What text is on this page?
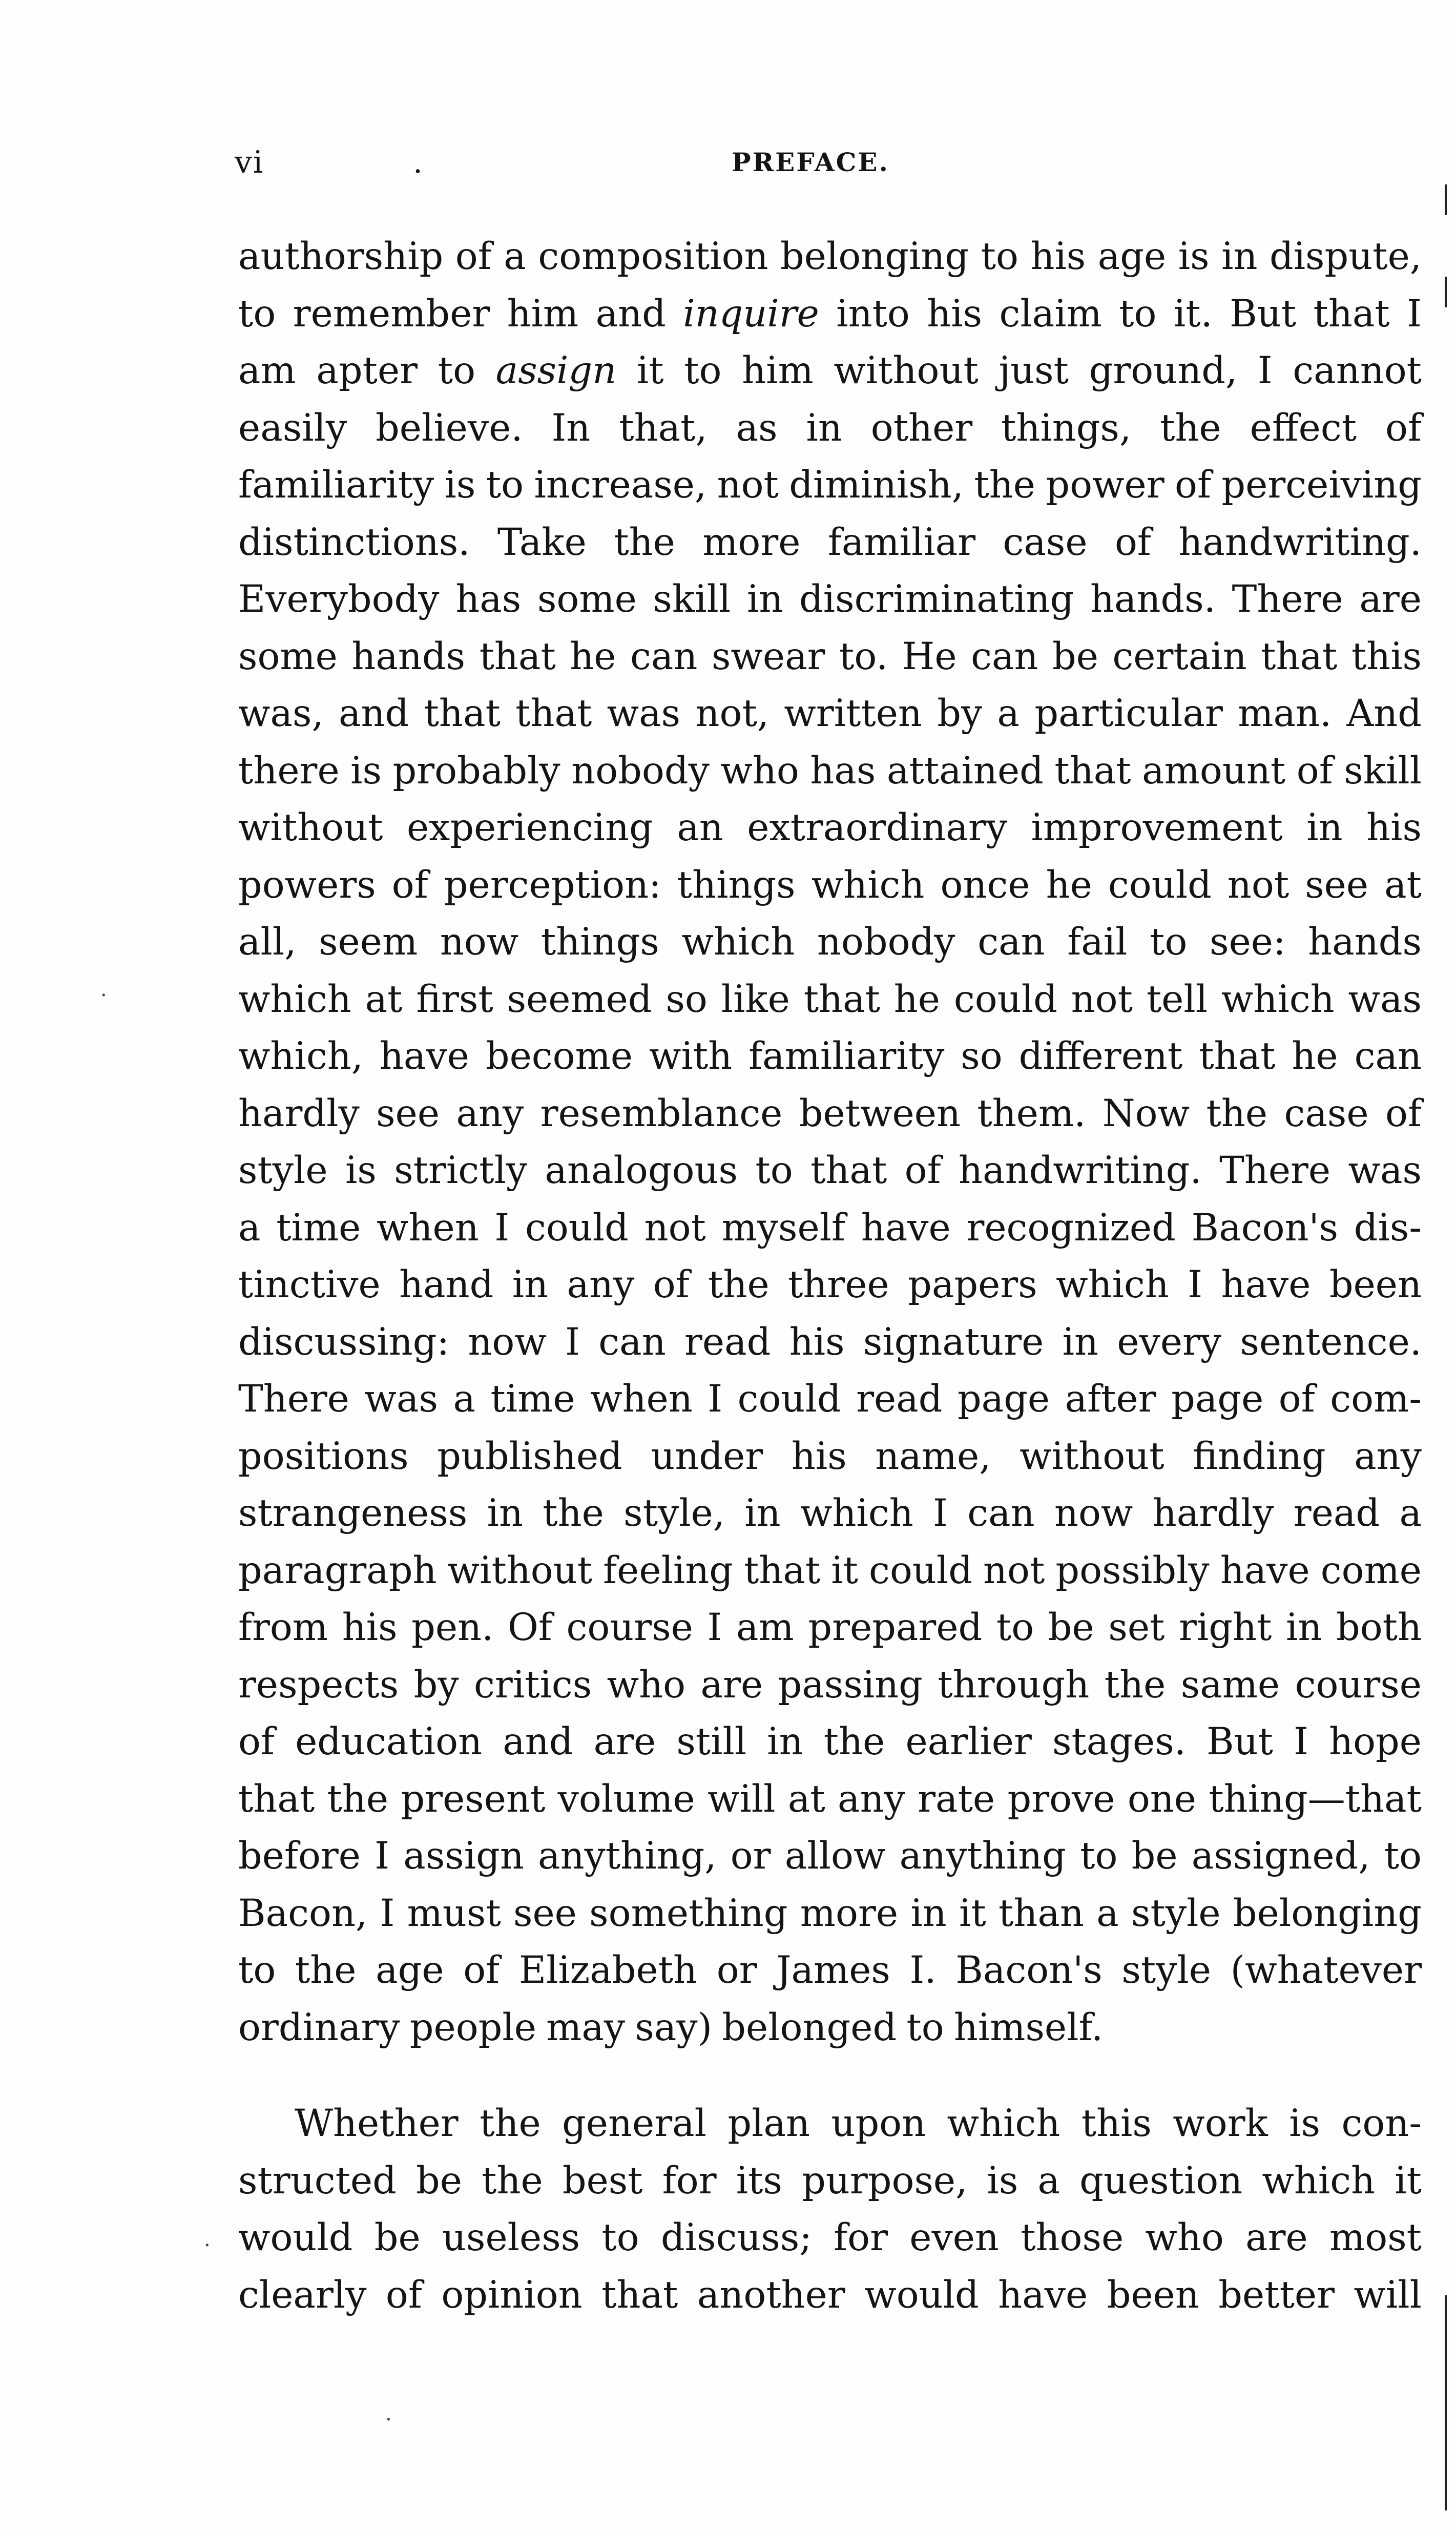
vi	.	PREFACE.
authorship of a composition belonging to his age is in dispute,
to remember him and inquire into his claim to it. But that I
am apter to assign it to him without just ground, I cannot
easily believe. In that, as in other things, the effect of
familiarity is to increase, not diminish, the power of perceiving
distinctions. Take the more familiar case of handwriting.
Everybody has some skill in discriminating hands. There are
some hands that he can swear to. He can be certain that this
was, and that that was not, written by a particular man. And
there is probably nobody who has attained that amount of skill
without experiencing an extraordinary improvement in his
powers of perception: things which once he could not see at
all, seem now things which nobody can fail to see: hands
which at first seemed so like that he could not tell which was
which, have become with familiarity so different that he can
hardly see any resemblance between them. Now the case of
style is strictly analogous to that of handwriting. There was
a time when I could not myself have recognized Bacon's dis-
tinctive hand in any of the three papers which I have been
discussing: now I can read his signature in every sentence.
There was a time when I could read page after page of com-
positions published under his name, without finding any
strangeness in the style, in which I can now hardly read a
paragraph without feeling that it could not possibly have come
from his pen. Of course I am prepared to be set right in both
respects by critics who are passing through the same course
of education and are still in the earlier stages. But I hope
that the present volume will at any rate prove one thing—that
before I assign anything, or allow anything to be assigned, to
Bacon, I must see something more in it than a style belonging
to the age of Elizabeth or James I. Bacon's style (whatever
ordinary people may say) belonged to himself.
Whether the general plan upon which this work is con-
structed be the best for its purpose, is a question which it
would be useless to discuss; for even those who are most
clearly of opinion that another would have been better will
·
·
·
